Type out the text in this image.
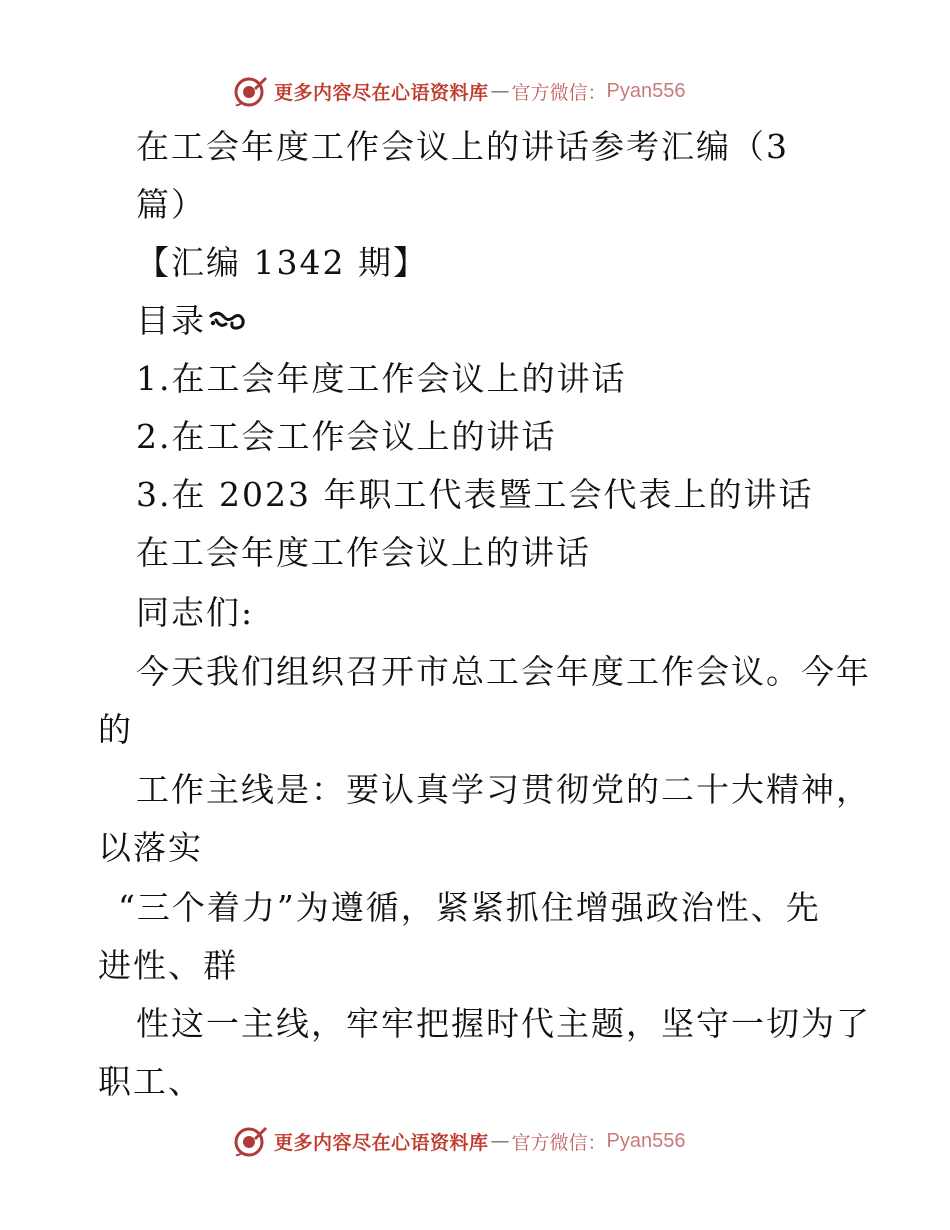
更多内容尽在心语资料库 — 官方微信： Pyan556
在工会年度工作会议上的讲话参考汇编（3
篇）
【汇编 1342 期】
目录
1.在工会年度工作会议上的讲话
2.在工会工作会议上的讲话
3.在 2023 年职工代表暨工会代表上的讲话
在工会年度工作会议上的讲话
同志们:
今天我们组织召开市总工会年度工作会议。今年
的
工作主线是：要认真学习贯彻党的二十大精神，
以落实
“三个着力”为遵循，紧紧抓住增强政治性、先
进性、群
性这一主线，牢牢把握时代主题，坚守一切为了
职工、
更多内容尽在心语资料库 — 官方微信： Pyan556
